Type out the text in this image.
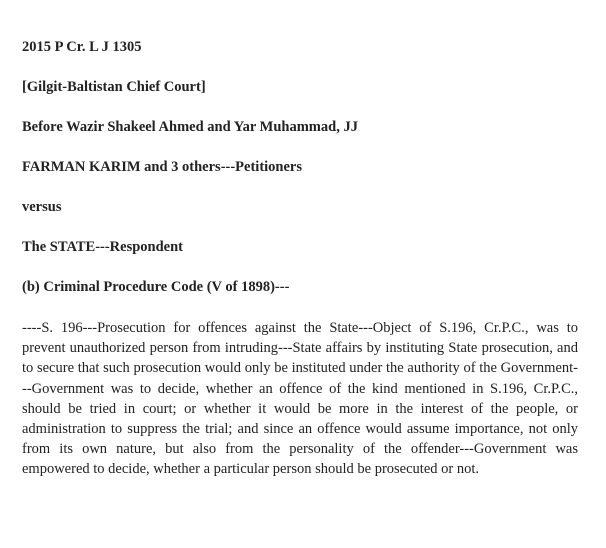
2015 P Cr. L J 1305

[Gilgit-Baltistan Chief Court]

Before Wazir Shakeel Ahmed and Yar Muhammad, JJ

FARMAN KARIM and 3 others---Petitioners

versus

The STATE---Respondent

(b) Criminal Procedure Code (V of 1898)---

----S. 196---Prosecution for offences against the State---Object of S.196, Cr.P.C., was to prevent unauthorized person from intruding---State affairs by instituting State prosecution, and to secure that such prosecution would only be instituted under the authority of the Government---Government was to decide, whether an offence of the kind mentioned in S.196, Cr.P.C., should be tried in court; or whether it would be more in the interest of the people, or administration to suppress the trial; and since an offence would assume importance, not only from its own nature, but also from the personality of the offender---Government was empowered to decide, whether a particular person should be prosecuted or not.
